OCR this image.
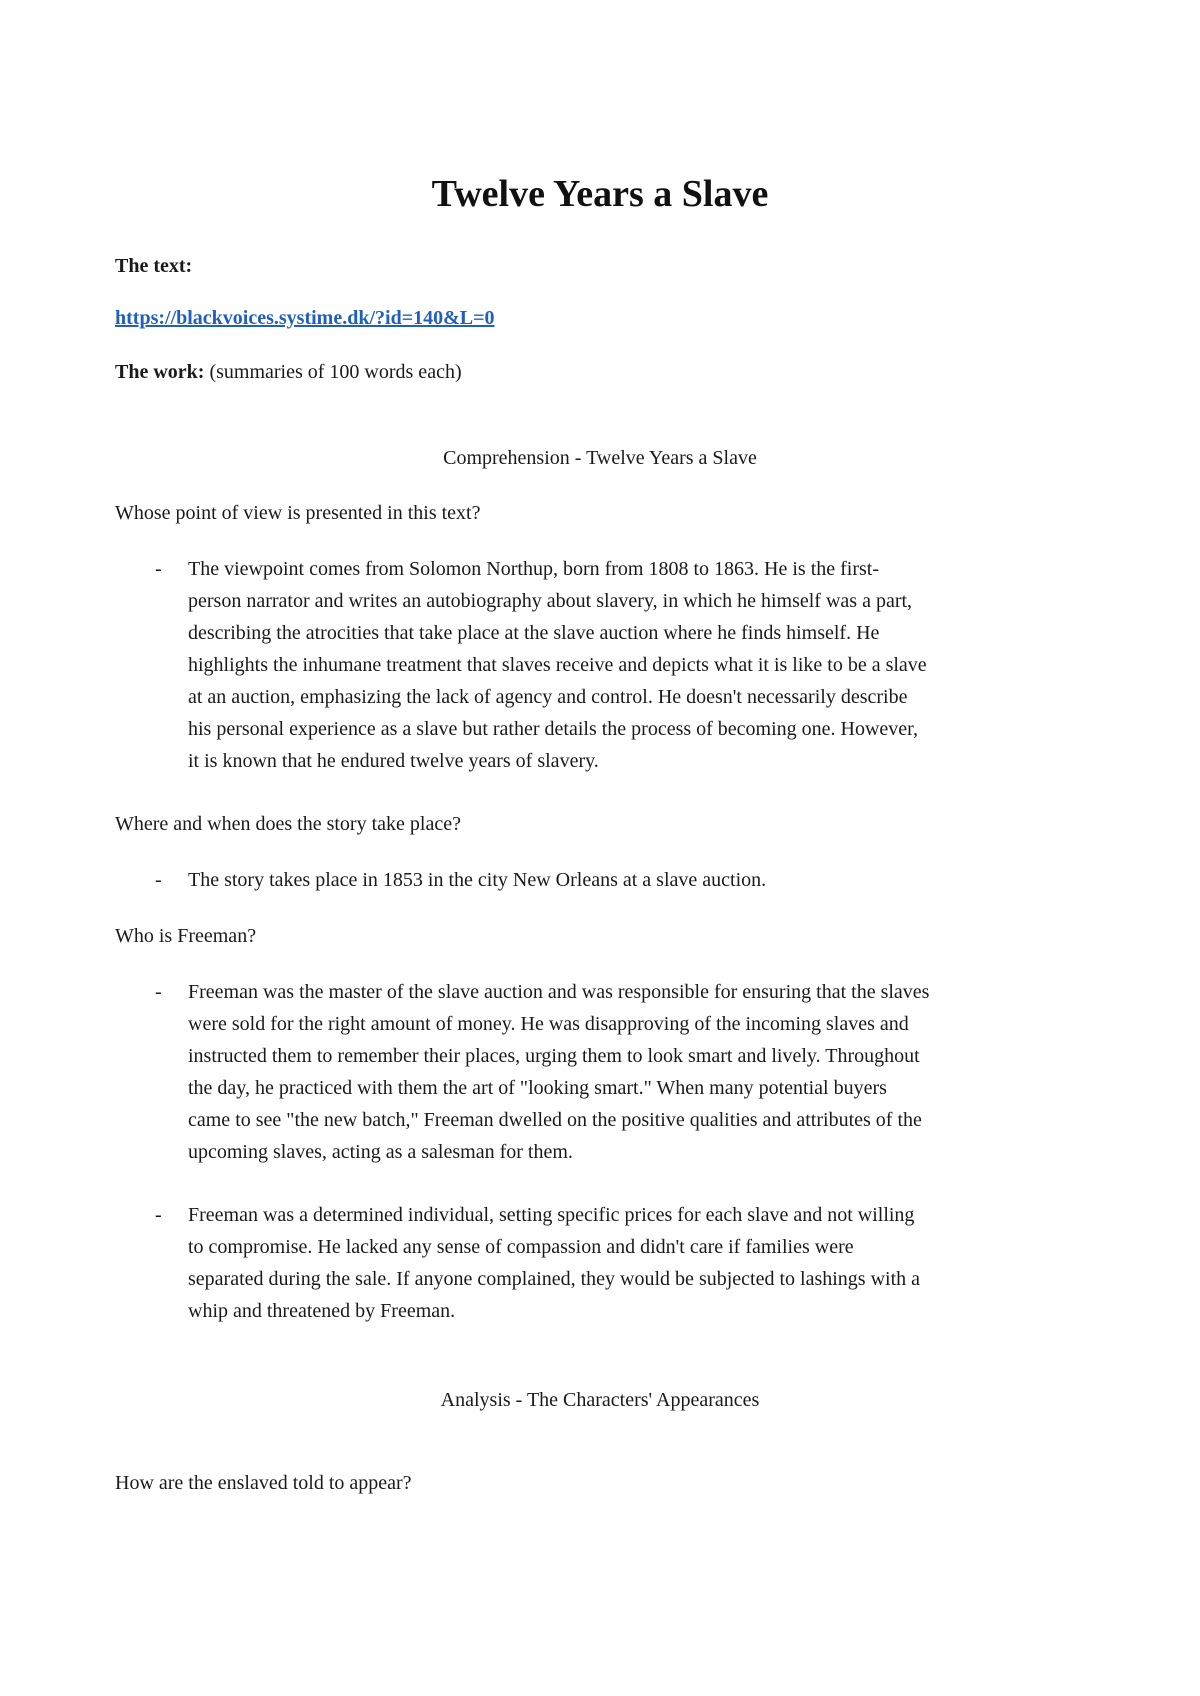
Twelve Years a Slave

The text:

https://blackvoices.systime.dk/?id=140&L=0

The work: (summaries of 100 words each)

Comprehension - Twelve Years a Slave

Whose point of view is presented in this text?

- The viewpoint comes from Solomon Northup, born from 1808 to 1863. He is the first-
person narrator and writes an autobiography about slavery, in which he himself was a part,
describing the atrocities that take place at the slave auction where he finds himself. He
highlights the inhumane treatment that slaves receive and depicts what it is like to be a slave
at an auction, emphasizing the lack of agency and control. He doesn't necessarily describe
his personal experience as a slave but rather details the process of becoming one. However,
it is known that he endured twelve years of slavery.

Where and when does the story take place?

- The story takes place in 1853 in the city New Orleans at a slave auction.

Who is Freeman?

- Freeman was the master of the slave auction and was responsible for ensuring that the slaves
were sold for the right amount of money. He was disapproving of the incoming slaves and
instructed them to remember their places, urging them to look smart and lively. Throughout
the day, he practiced with them the art of "looking smart." When many potential buyers
came to see "the new batch," Freeman dwelled on the positive qualities and attributes of the
upcoming slaves, acting as a salesman for them.
- Freeman was a determined individual, setting specific prices for each slave and not willing
to compromise. He lacked any sense of compassion and didn't care if families were
separated during the sale. If anyone complained, they would be subjected to lashings with a
whip and threatened by Freeman.

Analysis - The Characters' Appearances

How are the enslaved told to appear?
